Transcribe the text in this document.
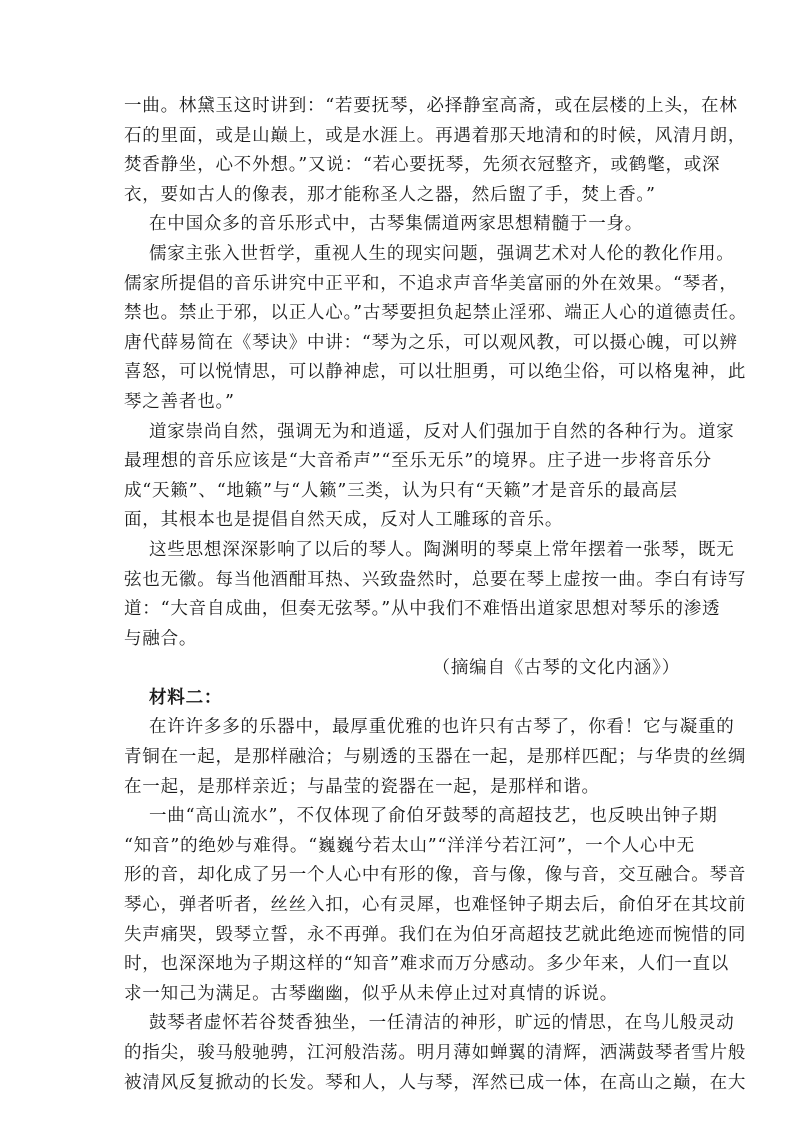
一曲。林黛玉这时讲到：“若要抚琴，必择静室高斋，或在层楼的上头，在林
石的里面，或是山巅上，或是水涯上。再遇着那天地清和的时候，风清月朗，
焚香静坐，心不外想。”又说：“若心要抚琴，先须衣冠整齐，或鹤氅，或深
衣，要如古人的像表，那才能称圣人之器，然后盥了手，焚上香。”
在中国众多的音乐形式中，古琴集儒道两家思想精髓于一身。
儒家主张入世哲学，重视人生的现实问题，强调艺术对人伦的教化作用。
儒家所提倡的音乐讲究中正平和，不追求声音华美富丽的外在效果。“琴者，
禁也。禁止于邪，以正人心。”古琴要担负起禁止淫邪、端正人心的道德责任。
唐代薛易简在《琴诀》中讲：“琴为之乐，可以观风教，可以摄心魄，可以辨
喜怒，可以悦情思，可以静神虑，可以壮胆勇，可以绝尘俗，可以格鬼神，此
琴之善者也。”
道家崇尚自然，强调无为和逍遥，反对人们强加于自然的各种行为。道家
最理想的音乐应该是“大音希声”“至乐无乐”的境界。庄子进一步将音乐分
成“天籁”、“地籁”与“人籁”三类，认为只有“天籁”才是音乐的最高层
面，其根本也是提倡自然天成，反对人工雕琢的音乐。
这些思想深深影响了以后的琴人。陶渊明的琴桌上常年摆着一张琴，既无
弦也无徽。每当他酒酣耳热、兴致盎然时，总要在琴上虚按一曲。李白有诗写
道：“大音自成曲，但奏无弦琴。”从中我们不难悟出道家思想对琴乐的渗透
与融合。
（摘编自《古琴的文化内涵》）
材料二：
在许许多多的乐器中，最厚重优雅的也许只有古琴了，你看！它与凝重的
青铜在一起，是那样融洽；与剔透的玉器在一起，是那样匹配；与华贵的丝绸
在一起，是那样亲近；与晶莹的瓷器在一起，是那样和谐。
一曲“高山流水”，不仅体现了俞伯牙鼓琴的高超技艺，也反映出钟子期
“知音”的绝妙与难得。“巍巍兮若太山”“洋洋兮若江河”，一个人心中无
形的音，却化成了另一个人心中有形的像，音与像，像与音，交互融合。琴音
琴心，弹者听者，丝丝入扣，心有灵犀，也难怪钟子期去后，俞伯牙在其坟前
失声痛哭，毁琴立誓，永不再弹。我们在为伯牙高超技艺就此绝迹而惋惜的同
时，也深深地为子期这样的“知音”难求而万分感动。多少年来，人们一直以
求一知己为满足。古琴幽幽，似乎从未停止过对真情的诉说。
鼓琴者虚怀若谷焚香独坐，一任清洁的神形，旷远的情思，在鸟儿般灵动
的指尖，骏马般驰骋，江河般浩荡。明月薄如蝉翼的清辉，洒满鼓琴者雪片般
被清风反复掀动的长发。琴和人，人与琴，浑然已成一体，在高山之巅，在大
